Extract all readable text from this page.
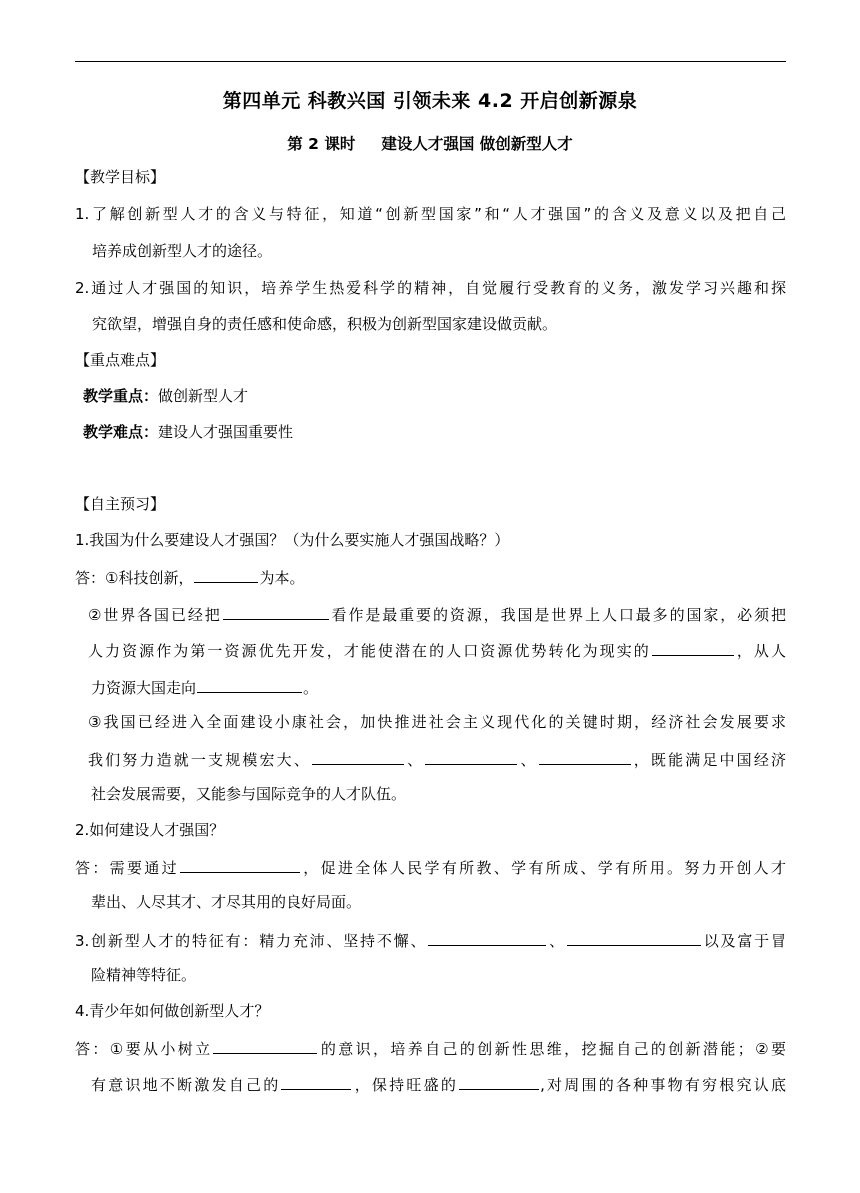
第四单元 科教兴国 引领未来 4.2 开启创新源泉
第 2 课时 建设人才强国 做创新型人才
【教学目标】
1.了解创新型人才的含义与特征，知道“创新型国家”和“人才强国”的含义及意义以及把自己
培养成创新型人才的途径。
2.通过人才强国的知识，培养学生热爱科学的精神，自觉履行受教育的义务，激发学习兴趣和探
究欲望，增强自身的责任感和使命感，积极为创新型国家建设做贡献。
【重点难点】
教学重点：做创新型人才
教学难点：建设人才强国重要性
【自主预习】
1.我国为什么要建设人才强国？（为什么要实施人才强国战略？）
答：①科技创新，	为本。
②世界各国已经把	看作是最重要的资源，我国是世界上人口最多的国家，必须把
人力资源作为第一资源优先开发，才能使潜在的人口资源优势转化为现实的	，从人
力资源大国走向	。
③我国已经进入全面建设小康社会，加快推进社会主义现代化的关键时期，经济社会发展要求
我们努力造就一支规模宏大、	、	、	，既能满足中国经济
社会发展需要，又能参与国际竞争的人才队伍。
2.如何建设人才强国？
答：需要通过	，促进全体人民学有所教、学有所成、学有所用。努力开创人才
辈出、人尽其才、才尽其用的良好局面。
3.创新型人才的特征有：精力充沛、坚持不懈、	、	以及富于冒
险精神等特征。
4.青少年如何做创新型人才？
答：①要从小树立	的意识，培养自己的创新性思维，挖掘自己的创新潜能；②要
有意识地不断激发自己的	，保持旺盛的	,对周围的各种事物有穷根究认底
